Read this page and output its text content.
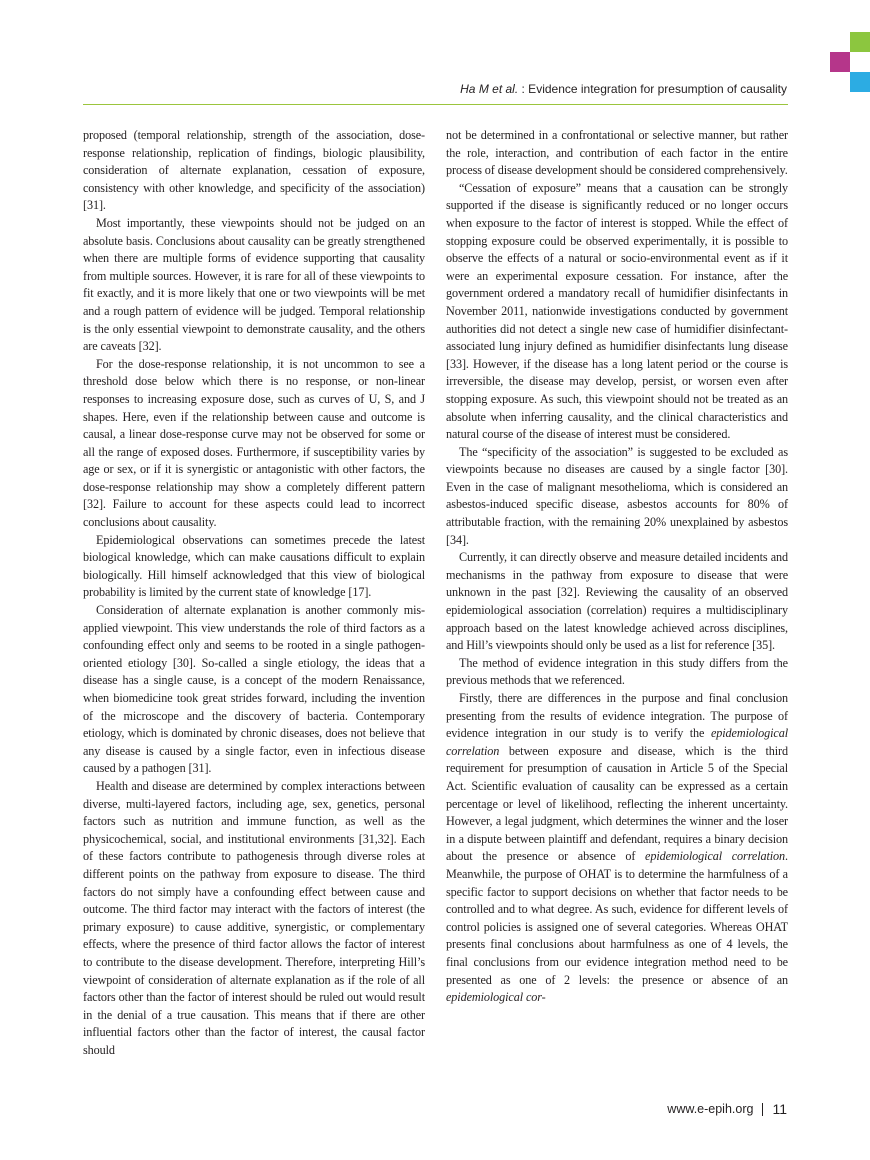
Ha M et al. : Evidence integration for presumption of causality

proposed (temporal relationship, strength of the association, dose-response relationship, replication of findings, biologic plausibility, consideration of alternate explanation, cessation of exposure, consistency with other knowledge, and specificity of the association) [31].

Most importantly, these viewpoints should not be judged on an absolute basis. Conclusions about causality can be greatly strengthened when there are multiple forms of evidence supporting that causality from multiple sources. However, it is rare for all of these viewpoints to fit exactly, and it is more likely that one or two viewpoints will be met and a rough pattern of evidence will be judged. Temporal relationship is the only essential viewpoint to demonstrate causality, and the others are caveats [32].

For the dose-response relationship, it is not uncommon to see a threshold dose below which there is no response, or non-linear responses to increasing exposure dose, such as curves of U, S, and J shapes. Here, even if the relationship between cause and outcome is causal, a linear dose-response curve may not be observed for some or all the range of exposed doses. Furthermore, if susceptibility varies by age or sex, or if it is synergistic or antagonistic with other factors, the dose-response relationship may show a completely different pattern [32]. Failure to account for these aspects could lead to incorrect conclusions about causality.

Epidemiological observations can sometimes precede the latest biological knowledge, which can make causations difficult to explain biologically. Hill himself acknowledged that this view of biological probability is limited by the current state of knowledge [17].

Consideration of alternate explanation is another commonly mis-applied viewpoint. This view understands the role of third factors as a confounding effect only and seems to be rooted in a single pathogen-oriented etiology [30]. So-called a single etiology, the ideas that a disease has a single cause, is a concept of the modern Renaissance, when biomedicine took great strides forward, including the invention of the microscope and the discovery of bacteria. Contemporary etiology, which is dominated by chronic diseases, does not believe that any disease is caused by a single factor, even in infectious disease caused by a pathogen [31].

Health and disease are determined by complex interactions between diverse, multi-layered factors, including age, sex, genetics, personal factors such as nutrition and immune function, as well as the physicochemical, social, and institutional environments [31,32]. Each of these factors contribute to pathogenesis through diverse roles at different points on the pathway from exposure to disease. The third factors do not simply have a confounding effect between cause and outcome. The third factor may interact with the factors of interest (the primary exposure) to cause additive, synergistic, or complementary effects, where the presence of third factor allows the factor of interest to contribute to the disease development. Therefore, interpreting Hill’s viewpoint of consideration of alternate explanation as if the role of all factors other than the factor of interest should be ruled out would result in the denial of a true causation. This means that if there are other influential factors other than the factor of interest, the causal factor should

not be determined in a confrontational or selective manner, but rather the role, interaction, and contribution of each factor in the entire process of disease development should be considered comprehensively.

“Cessation of exposure” means that a causation can be strongly supported if the disease is significantly reduced or no longer occurs when exposure to the factor of interest is stopped. While the effect of stopping exposure could be observed experimentally, it is possible to observe the effects of a natural or socio-environmental event as if it were an experimental exposure cessation. For instance, after the government ordered a mandatory recall of humidifier disinfectants in November 2011, nationwide investigations conducted by government authorities did not detect a single new case of humidifier disinfectant-associated lung injury defined as humidifier disinfectants lung disease [33]. However, if the disease has a long latent period or the course is irreversible, the disease may develop, persist, or worsen even after stopping exposure. As such, this viewpoint should not be treated as an absolute when inferring causality, and the clinical characteristics and natural course of the disease of interest must be considered.

The “specificity of the association” is suggested to be excluded as viewpoints because no diseases are caused by a single factor [30]. Even in the case of malignant mesothelioma, which is considered an asbestos-induced specific disease, asbestos accounts for 80% of attributable fraction, with the remaining 20% unexplained by asbestos [34].

Currently, it can directly observe and measure detailed incidents and mechanisms in the pathway from exposure to disease that were unknown in the past [32]. Reviewing the causality of an observed epidemiological association (correlation) requires a multidisciplinary approach based on the latest knowledge achieved across disciplines, and Hill’s viewpoints should only be used as a list for reference [35].

The method of evidence integration in this study differs from the previous methods that we referenced.

Firstly, there are differences in the purpose and final conclusion presenting from the results of evidence integration. The purpose of evidence integration in our study is to verify the epidemiological correlation between exposure and disease, which is the third requirement for presumption of causation in Article 5 of the Special Act. Scientific evaluation of causality can be expressed as a certain percentage or level of likelihood, reflecting the inherent uncertainty. However, a legal judgment, which determines the winner and the loser in a dispute between plaintiff and defendant, requires a binary decision about the presence or absence of epidemiological correlation. Meanwhile, the purpose of OHAT is to determine the harmfulness of a specific factor to support decisions on whether that factor needs to be controlled and to what degree. As such, evidence for different levels of control policies is assigned one of several categories. Whereas OHAT presents final conclusions about harmfulness as one of 4 levels, the final conclusions from our evidence integration method need to be presented as one of 2 levels: the presence or absence of an epidemiological cor-

www.e-epih.org 11
